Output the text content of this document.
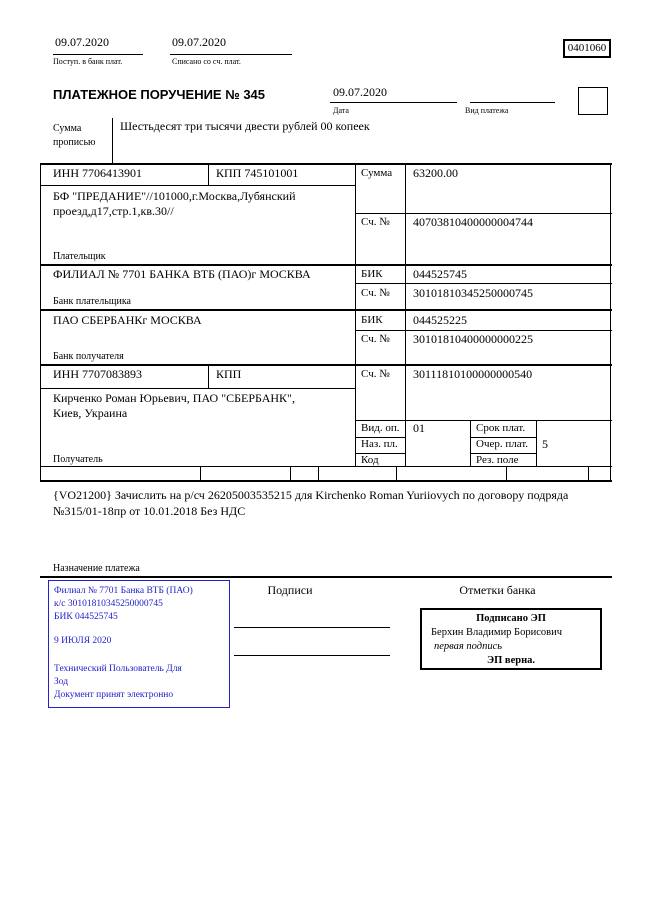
09.07.2020
Поступ. в банк плат.
09.07.2020
Списано со сч. плат.
0401060
ПЛАТЕЖНОЕ ПОРУЧЕНИЕ № 345	09.07.2020
Дата	Вид платежа
Сумма прописью
Шестьдесят три тысячи двести рублей 00 копеек
ИНН 7706413901	КПП 745101001	Сумма 63200.00
БФ "ПРЕДАНИЕ"//101000,г.Москва,Лубянский проезд,д17,стр.1,кв.30//
Сч. № 40703810400000004744
Плательщик
ФИЛИАЛ № 7701 БАНКА ВТБ (ПАО)г МОСКВА	БИК	044525745
Сч. № 30101810345250000745
Банк плательщика
ПАО СБЕРБАНКг МОСКВА	БИК	044525225
Сч. № 30101810400000000225
Банк получателя
ИНН 7707083893	КПП	Сч. № 30111810100000000540
Кирченко Роман Юрьевич, ПАО "СБЕРБАНК", Киев, Украина
Вид. оп. 01	Срок плат.
Наз. пл.	Очер. плат. 5
Код	Рез. поле
Получатель
{VO21200} Зачислить на р/сч 26205003535215 для Kirchenko Roman Yuriiovych по договору подряда №315/01-18пр от 10.01.2018 Без НДС
Назначение платежа
Филиал № 7701 Банка ВТБ (ПАО)
к/с 30101810345250000745
БИК 044525745
9 ИЮЛЯ 2020
Технический Пользователь Для
Зод
Документ принят электронно
Подписи	Отметки банка
Подписано ЭП
Берхин Владимир Борисович
первая подпись
ЭП верна.
